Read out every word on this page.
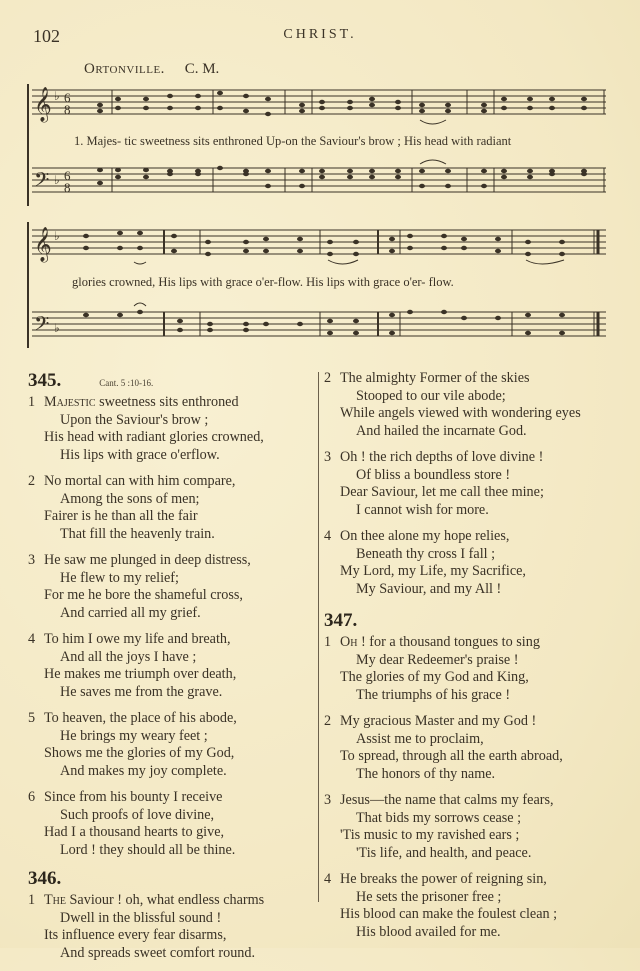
102	CHRIST.
Ortonville. C. M.
𝄞
𝄢
♭ 6
8
♭ 6
8
1. Majes- tic sweetness sits enthroned Up-on the Saviour's brow ; His head with radiant
𝄞
𝄢
♭
♭
glories crowned, His lips with grace o'er-flow. His lips with grace o'er- flow.
345.	Cant. 5 :10-16.
1 Majestic sweetness sits enthroned
Upon the Saviour's brow ;
His head with radiant glories crowned,
His lips with grace o'erflow.
2 No mortal can with him compare,
Among the sons of men;
Fairer is he than all the fair
That fill the heavenly train.
3 He saw me plunged in deep distress,
He flew to my relief;
For me he bore the shameful cross,
And carried all my grief.
4 To him I owe my life and breath,
And all the joys I have ;
He makes me triumph over death,
He saves me from the grave.
5 To heaven, the place of his abode,
He brings my weary feet ;
Shows me the glories of my God,
And makes my joy complete.
6 Since from his bounty I receive
Such proofs of love divine,
Had I a thousand hearts to give,
Lord ! they should all be thine.
346.
1 The Saviour ! oh, what endless charms
Dwell in the blissful sound !
Its influence every fear disarms,
And spreads sweet comfort round.
2 The almighty Former of the skies
Stooped to our vile abode;
While angels viewed with wondering eyes
And hailed the incarnate God.
3 Oh ! the rich depths of love divine !
Of bliss a boundless store !
Dear Saviour, let me call thee mine;
I cannot wish for more.
4 On thee alone my hope relies,
Beneath thy cross I fall ;
My Lord, my Life, my Sacrifice,
My Saviour, and my All !
347.
1 Oh ! for a thousand tongues to sing
My dear Redeemer's praise !
The glories of my God and King,
The triumphs of his grace !
2 My gracious Master and my God !
Assist me to proclaim,
To spread, through all the earth abroad,
The honors of thy name.
3 Jesus—the name that calms my fears,
That bids my sorrows cease ;
'Tis music to my ravished ears ;
'Tis life, and health, and peace.
4 He breaks the power of reigning sin,
He sets the prisoner free ;
His blood can make the foulest clean ;
His blood availed for me.
